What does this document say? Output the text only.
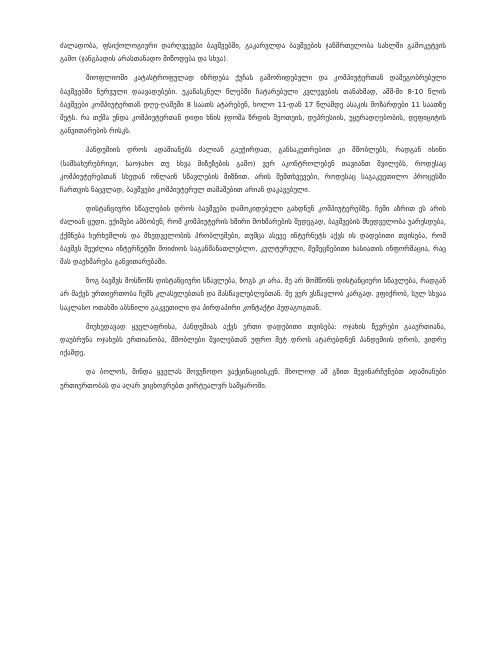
ძალადობა, ფსიქოლოგიური დარღვევები ბავშვებში, გაკარვლდა ბავშვების ჯანმრთელობა სახლში გამოკეტვის გამო (ჯანგბადის არასთანადო მიწოდება და სხვა).

შიოფლიოში კატასტროფულად იზრდება ქუჩას გამორიდებული და კომპიუტერთან დამეგობრებული ბავშვებში ნერვული დაავადებები. უკანასკნელ წლებში ჩატარებული კვლევების თანახმად, აშშ-ში 8-10 წლის ბავშვები კომპიუტერთან დღე-ღამეში 8 საათს ატარებენ, ხოლო 11-დან 17 წლამდე ასაკის მოზარდები 11 საათზე მეტს. რა თქმა უნდა კომპიუტერთან დიდი ხნის ჯდომა ზრდის მეოთეის, დეპრესიის, უყურადღებობის, დეფიციტის განვითარების რისკს.

პანდემიის დროს ადამიანებს ძალიან გაუჭირდათ, განსაკუთრებით კი მშობლებს, რადგან ისინი (სამსახურებრივი, საოჯახო თუ სხვა მიზეზების გამო) ვერ აკონტროლებენ თავიანთ შვილებს, როდესაც კომპიუტერებთან სხედან ონლაინ სწავლების მიზნით. არის შემთხვევები, როდესაც საგაკვეთილო პროცესში ჩართვის ნაცვლად, ბავშვები კომპიუტერულ თამაშებით არიან დაკავებული.

დისტანციური სწავლების დროს ბავშვები დამოკიდებული გახდნენ კომპიუტერებზე. ჩემი აზრით ეს არის ძალიან ცუდი. ექიმები ამბობენ, რომ კომპიუტერის ხშირი მოხმარების შედეგად, ბავშვების მხედველობა უარესდება, ქქმნება ხერხემლის და მხედველობის პრობლემები, თუმცა ასევე ინტერნეტს აქვს ის დადებითი თვისება, რომ ბავშვს შეუძლია ინტერნეტში მოიძიოს საგანმანათლებლო, კულტურული, შემეცნებითი ხასიათის ინფორმაცია, რაც მას დაეხმარება განვითარებაში.

ზოგ ბავშვს მოსწონს დისტანციური სწავლება, ზოგს კი არა. მე არ მომწონს დისტანციური სწავლება, რადგან არ მაქვს ურთიერთობა ჩემს კლასელებთან და მასწავლებლებთან. მე ვერ ვსწავლობ კარგად. ვფიქრობ, სულ სხვაა საკლასო ოთახში აბსნილი გაკვეთილი და პირდაპირი კონტაქტი პედაგოგთან.

მიუხედავად ყველაფრისა, პანდემიას აქვს ერთი დადებითი თვისება: ოჯახის წევრები გააერთიანა, დაუბრუნა ოჯახებს ერთიანობა, მშობლები შვილებთან უფრო მეტ დროს ატარებდნენ პანდემიის დროს, ვიდრე იქამდე.

და ბოლოს, მინდა ყველას მოვუწოდო ვაქცინაციისკენ. მხოლოდ ამ გზით შევინარჩუნებთ ადამიანები ურთიერთობას და აღარ ვიცხოვრებთ ვირტუალურ სამყაროში.
